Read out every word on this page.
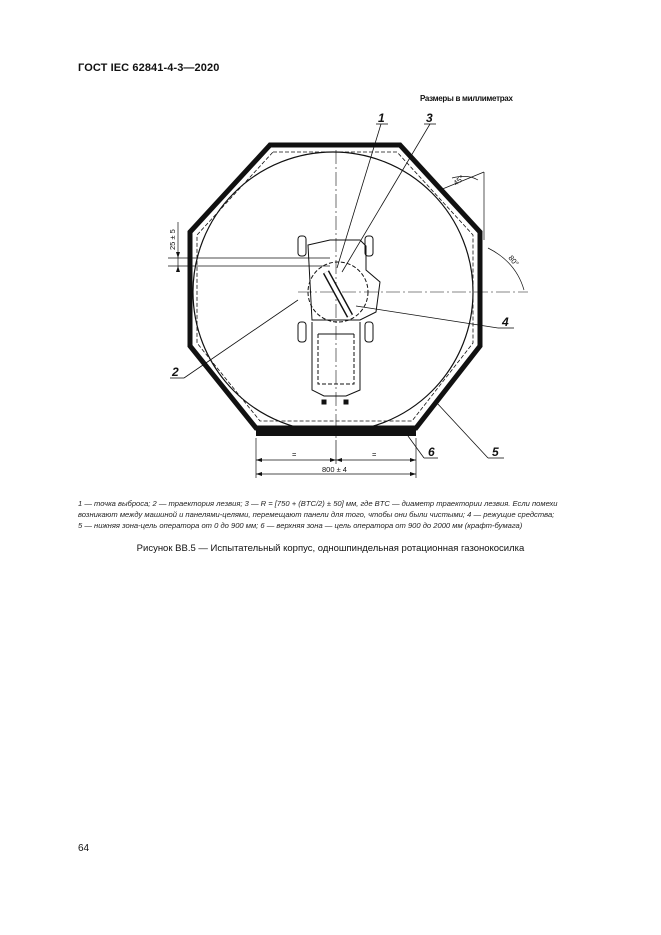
ГОСТ IEC 62841-4-3—2020
Размеры в миллиметрах
25 ± 5
45°
80°
1	3
2
4
5
6
=	=
800 ± 4

1 — точка выброса; 2 — траектория лезвия; 3 — R = [750 + (BTC/2) ± 50] мм, где BTC — диаметр траектории лезвия. Если помехи

возникают между машиной и панелями-целями, перемещают панели для того, чтобы они были чистыми; 4 — режущие средства;

5 — нижняя зона-цель оператора от 0 до 900 мм; 6 — верхняя зона — цель оператора от 900 до 2000 мм (крафт-бумага)

Рисунок ВВ.5 — Испытательный корпус, одношпиндельная ротационная газонокосилка
64
